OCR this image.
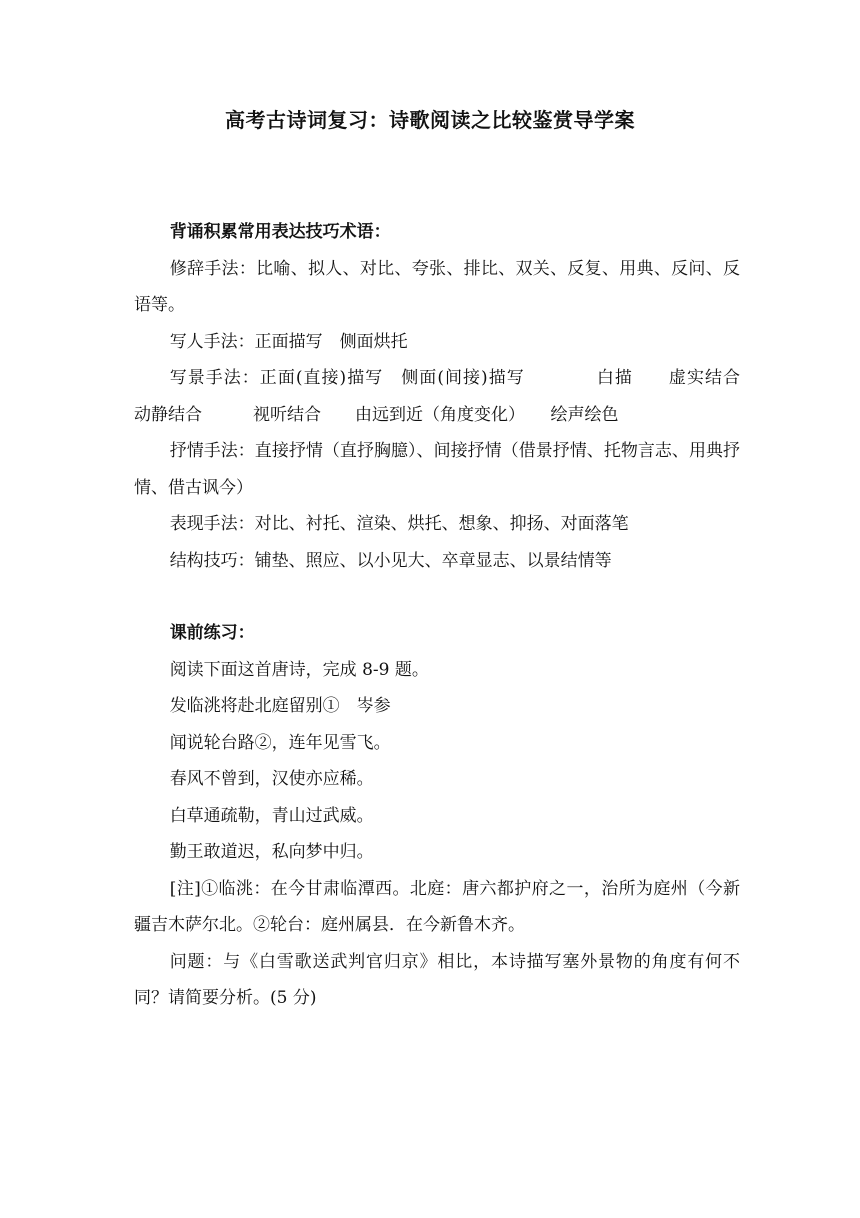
高考古诗词复习：诗歌阅读之比较鉴赏导学案

背诵积累常用表达技巧术语：

修辞手法：比喻、拟人、对比、夸张、排比、双关、反复、用典、反问、反语等。

写人手法：正面描写　侧面烘托

写景手法：正面(直接)描写　侧面(间接)描写　　　　白描　　虚实结合　　动静结合　　　视听结合　　由远到近（角度变化）　　绘声绘色

抒情手法：直接抒情（直抒胸臆）、间接抒情（借景抒情、托物言志、用典抒情、借古讽今）

表现手法：对比、衬托、渲染、烘托、想象、抑扬、对面落笔

结构技巧：铺垫、照应、以小见大、卒章显志、以景结情等

课前练习：

阅读下面这首唐诗，完成 8-9 题。

发临洮将赴北庭留别①　岑参

闻说轮台路②，连年见雪飞。

春风不曾到，汉使亦应稀。

白草通疏勒，青山过武威。

勤王敢道迟，私向梦中归。

[注]①临洮：在今甘肃临潭西。北庭：唐六都护府之一，治所为庭州（今新疆吉木萨尔北。②轮台：庭州属县．在今新鲁木齐。

问题：与《白雪歌送武判官归京》相比，本诗描写塞外景物的角度有何不同？请简要分析。(5 分)
